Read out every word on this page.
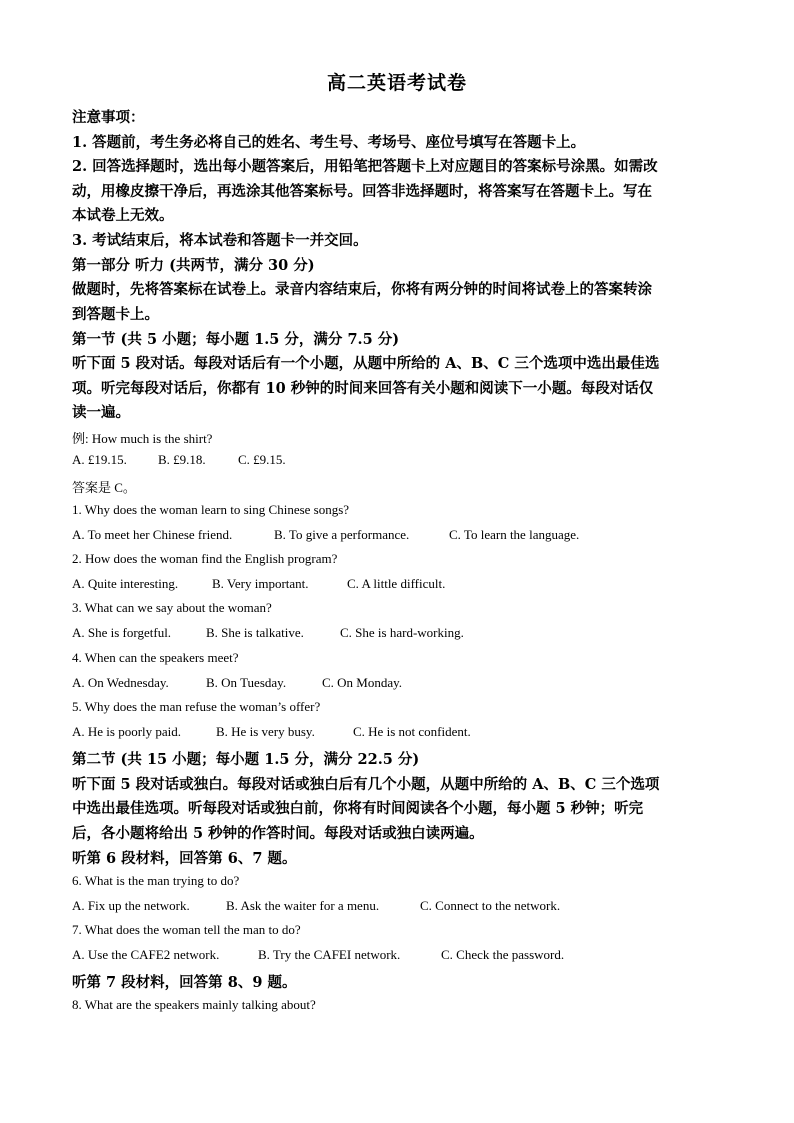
高二英语考试卷
注意事项：
1. 答题前，考生务必将自己的姓名、考生号、考场号、座位号填写在答题卡上。
2. 回答选择题时，选出每小题答案后，用铅笔把答题卡上对应题目的答案标号涂黑。如需改
动，用橡皮擦干净后，再选涂其他答案标号。回答非选择题时，将答案写在答题卡上。写在
本试卷上无效。
3. 考试结束后，将本试卷和答题卡一并交回。
第一部分 听力 (共两节，满分 30 分)
做题时，先将答案标在试卷上。录音内容结束后，你将有两分钟的时间将试卷上的答案转涂
到答题卡上。
第一节 (共 5 小题；每小题 1.5 分，满分 7.5 分)
听下面 5 段对话。每段对话后有一个小题，从题中所给的 A、B、C 三个选项中选出最佳选
项。听完每段对话后，你都有 10 秒钟的时间来回答有关小题和阅读下一小题。每段对话仅
读一遍。
例: How much is the shirt?
A. £19.15. B. £9.18. C. £9.15.
答案是 C。
1. Why does the woman learn to sing Chinese songs?
A. To meet her Chinese friend.	B. To give a performance.	C. To learn the language.
2. How does the woman find the English program?
A. Quite interesting.	B. Very important.	C. A little difficult.
3. What can we say about the woman?
A. She is forgetful.	B. She is talkative.	C. She is hard-working.
4. When can the speakers meet?
A. On Wednesday.	B. On Tuesday.	C. On Monday.
5. Why does the man refuse the woman’s offer?
A. He is poorly paid.	B. He is very busy.	C. He is not confident.
第二节 (共 15 小题；每小题 1.5 分，满分 22.5 分)
听下面 5 段对话或独白。每段对话或独白后有几个小题，从题中所给的 A、B、C 三个选项
中选出最佳选项。听每段对话或独白前，你将有时间阅读各个小题，每小题 5 秒钟；听完
后，各小题将给出 5 秒钟的作答时间。每段对话或独白读两遍。
听第 6 段材料，回答第 6、7 题。
6. What is the man trying to do?
A. Fix up the network.	B. Ask the waiter for a menu.	C. Connect to the network.
7. What does the woman tell the man to do?
A. Use the CAFE2 network.	B. Try the CAFEI network.	C. Check the password.
听第 7 段材料，回答第 8、9 题。
8. What are the speakers mainly talking about?
